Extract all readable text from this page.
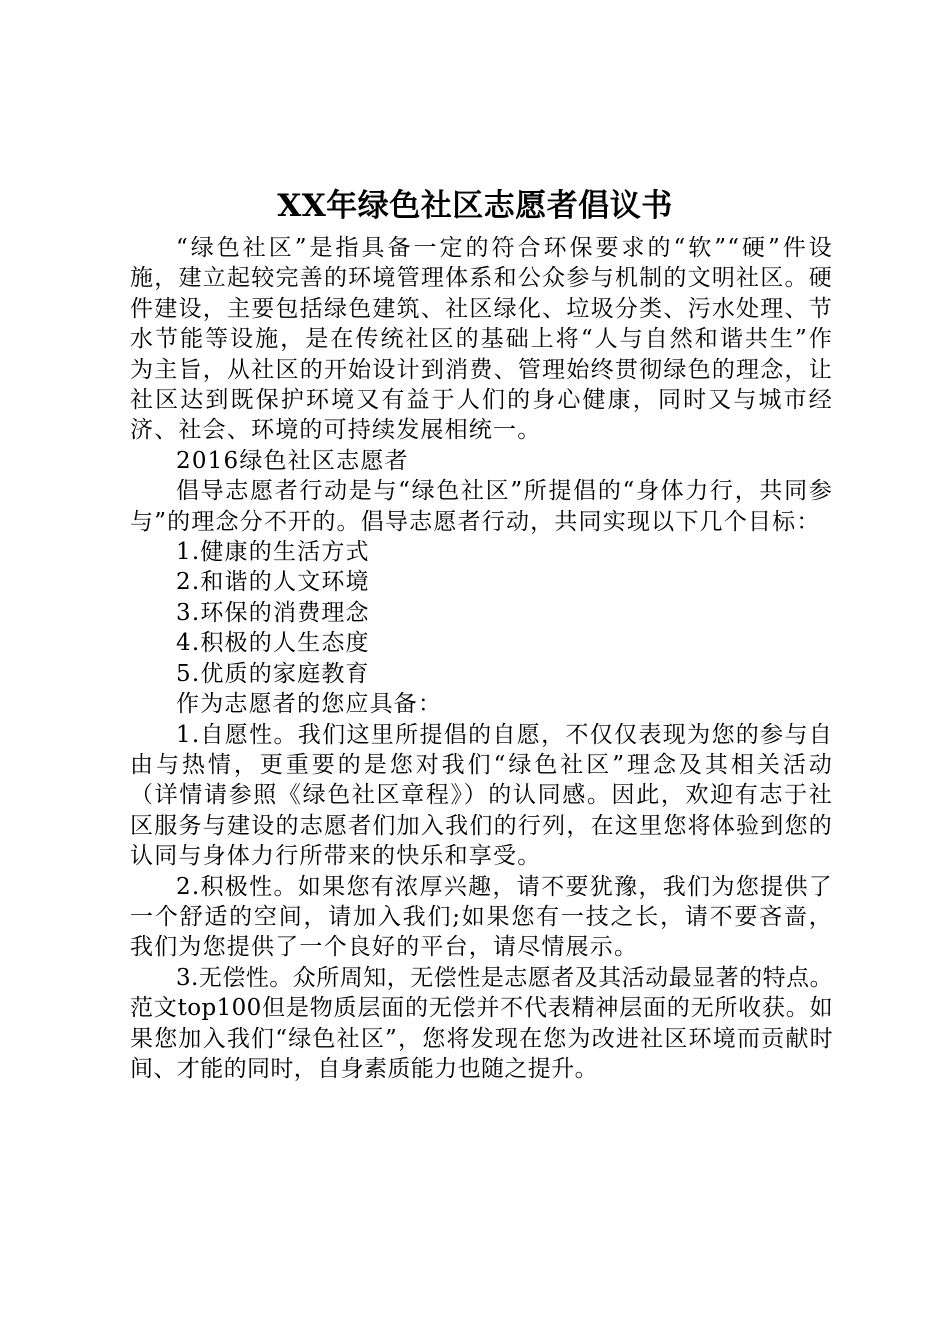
XX年绿色社区志愿者倡议书

“绿色社区”是指具备一定的符合环保要求的“软”“硬”件设施，建立起较完善的环境管理体系和公众参与机制的文明社区。硬件建设，主要包括绿色建筑、社区绿化、垃圾分类、污水处理、节水节能等设施，是在传统社区的基础上将“人与自然和谐共生”作为主旨，从社区的开始设计到消费、管理始终贯彻绿色的理念，让社区达到既保护环境又有益于人们的身心健康，同时又与城市经济、社会、环境的可持续发展相统一。

2016绿色社区志愿者

倡导志愿者行动是与“绿色社区”所提倡的“身体力行，共同参与”的理念分不开的。倡导志愿者行动，共同实现以下几个目标：

1.健康的生活方式

2.和谐的人文环境

3.环保的消费理念

4.积极的人生态度

5.优质的家庭教育

作为志愿者的您应具备：

1.自愿性。我们这里所提倡的自愿，不仅仅表现为您的参与自由与热情，更重要的是您对我们“绿色社区”理念及其相关活动（详情请参照《绿色社区章程》）的认同感。因此，欢迎有志于社区服务与建设的志愿者们加入我们的行列，在这里您将体验到您的认同与身体力行所带来的快乐和享受。

2.积极性。如果您有浓厚兴趣，请不要犹豫，我们为您提供了一个舒适的空间，请加入我们;如果您有一技之长，请不要吝啬，我们为您提供了一个良好的平台，请尽情展示。

3.无偿性。众所周知，无偿性是志愿者及其活动最显著的特点。范文top100但是物质层面的无偿并不代表精神层面的无所收获。如果您加入我们“绿色社区”，您将发现在您为改进社区环境而贡献时间、才能的同时，自身素质能力也随之提升。
